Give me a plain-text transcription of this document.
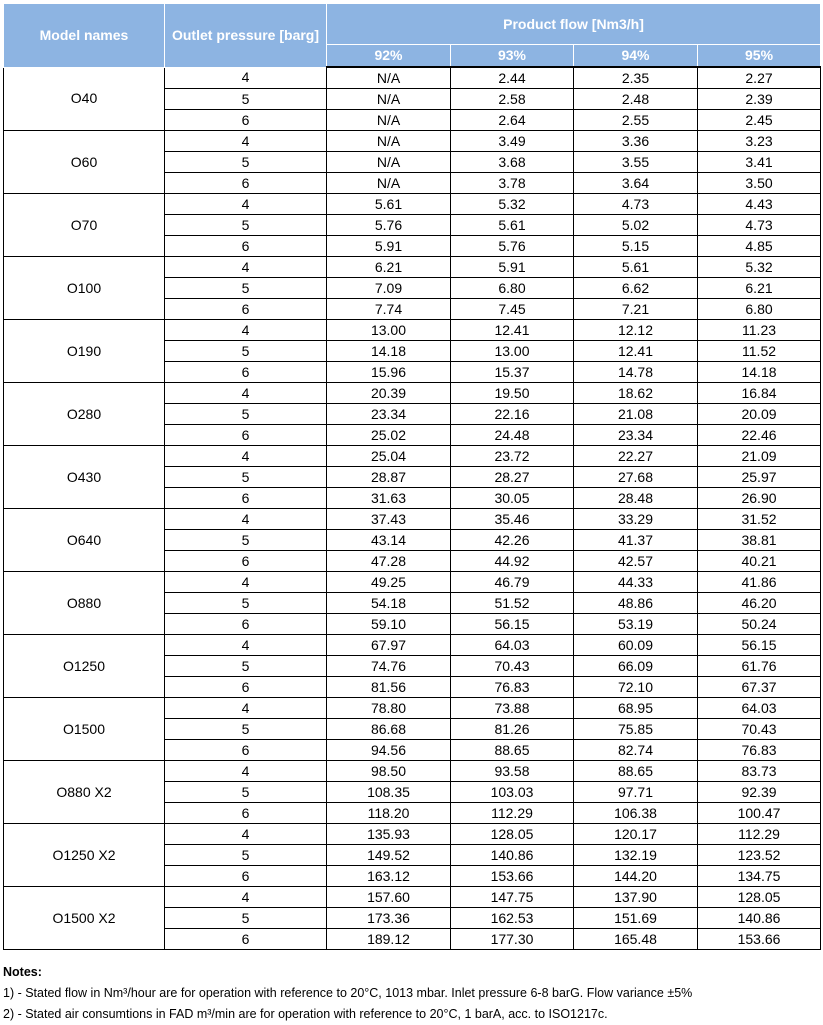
Model names	Outlet pressure [barg]	Product flow [Nm3/h]			
		92%	93%	94%	95%
O40	4	N/A	2.44	2.35	2.27
	5	N/A	2.58	2.48	2.39
	6	N/A	2.64	2.55	2.45
O60	4	N/A	3.49	3.36	3.23
	5	N/A	3.68	3.55	3.41
	6	N/A	3.78	3.64	3.50
O70	4	5.61	5.32	4.73	4.43
	5	5.76	5.61	5.02	4.73
	6	5.91	5.76	5.15	4.85
O100	4	6.21	5.91	5.61	5.32
	5	7.09	6.80	6.62	6.21
	6	7.74	7.45	7.21	6.80
O190	4	13.00	12.41	12.12	11.23
	5	14.18	13.00	12.41	11.52
	6	15.96	15.37	14.78	14.18
O280	4	20.39	19.50	18.62	16.84
	5	23.34	22.16	21.08	20.09
	6	25.02	24.48	23.34	22.46
O430	4	25.04	23.72	22.27	21.09
	5	28.87	28.27	27.68	25.97
	6	31.63	30.05	28.48	26.90
O640	4	37.43	35.46	33.29	31.52
	5	43.14	42.26	41.37	38.81
	6	47.28	44.92	42.57	40.21
O880	4	49.25	46.79	44.33	41.86
	5	54.18	51.52	48.86	46.20
	6	59.10	56.15	53.19	50.24
O1250	4	67.97	64.03	60.09	56.15
	5	74.76	70.43	66.09	61.76
	6	81.56	76.83	72.10	67.37
O1500	4	78.80	73.88	68.95	64.03
	5	86.68	81.26	75.85	70.43
	6	94.56	88.65	82.74	76.83
O880 X2	4	98.50	93.58	88.65	83.73
	5	108.35	103.03	97.71	92.39
	6	118.20	112.29	106.38	100.47
O1250 X2	4	135.93	128.05	120.17	112.29
	5	149.52	140.86	132.19	123.52
	6	163.12	153.66	144.20	134.75
O1500 X2	4	157.60	147.75	137.90	128.05
	5	173.36	162.53	151.69	140.86
	6	189.12	177.30	165.48	153.66
Notes:
1) - Stated flow in Nm³/hour are for operation with reference to 20°C, 1013 mbar. Inlet pressure 6-8 barG. Flow variance ±5%
2) - Stated air consumtions in FAD m³/min are for operation with reference to 20°C, 1 barA, acc. to ISO1217c.
